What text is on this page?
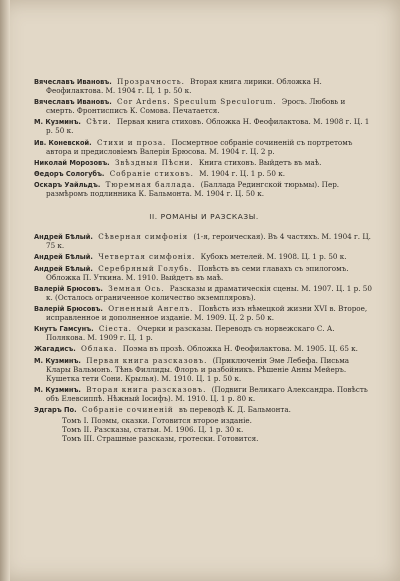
Вячеславъ Ивановъ. Прозрачность. Вторая книга лирики. Обложка Н. Феофилактова. М. 1904 г. Ц. 1 р. 50 к.
Вячеславъ Ивановъ. Cor Ardens. Speculum Speculorum. Эросъ. Любовь и смерть. Фронтисписъ К. Сомова. Печатается.
М. Кузминъ. Сѣти. Первая книга стиховъ. Обложка Н. Феофилактова. М. 1908 г. Ц. 1 р. 50 к.
Ив. Коневской. Стихи и проза. Посмертное собраніе сочиненій съ портретомъ автора и предисловіемъ Валерія Брюсова. М. 1904 г. Ц. 2 р.
Николай Морозовъ. Звѣздныя Пѣсни. Книга стиховъ. Выйдетъ въ маѣ.
Ѳедоръ Сологубъ. Собраніе стиховъ. М. 1904 г. Ц. 1 р. 50 к.
Оскаръ Уайльдъ. Тюремная баллада. (Баллада Редингской тюрьмы). Пер. размѣромъ подлинника К. Бальмонта. М. 1904 г. Ц. 50 к.
II. РОМАНЫ И РАЗСКАЗЫ.
Андрей Бѣлый. Сѣверная симфонія (1-я, героическая). Въ 4 частяхъ. М. 1904 г. Ц. 75 к.
Андрей Бѣлый. Четвертая симфонія. Кубокъ метелей. М. 1908. Ц. 1 р. 50 к.
Андрей Бѣлый. Серебряный Голубь. Повѣсть въ семи главахъ съ эпилогомъ. Обложка П. Уткина. М. 1910. Выйдетъ въ маѣ.
Валерій Брюсовъ. Земная Ось. Разсказы и драматическія сцены. М. 1907. Ц. 1 р. 50 к. (Осталось ограниченное количество экземпляровъ).
Валерій Брюсовъ. Огненный Ангелъ. Повѣсть изъ нѣмецкой жизни XVI в. Второе, исправленное и дополненное изданіе. М. 1909. Ц. 2 р. 50 к.
Кнутъ Гамсунъ. Сіеста. Очерки и разсказы. Переводъ съ норвежскаго С. А. Полякова. М. 1909 г. Ц. 1 р.
Жагадисъ. Облака. Поэма въ прозѣ. Обложка Н. Феофилактова. М. 1905. Ц. 65 к.
М. Кузминъ. Первая книга разсказовъ. (Приключенія Эме Лебефа. Письма Клары Вальмонъ. Тѣнь Филлиды. Флоръ и разбойникъ. Рѣшеніе Анны Мейеръ. Кушетка тети Сони. Крылья). М. 1910. Ц. 1 р. 50 к.
М. Кузминъ. Вторая книга разсказовъ. (Подвиги Великаго Александра. Повѣсть объ Елевсиппѣ. Нѣжный Іосифъ). М. 1910. Ц. 1 р. 80 к.
Эдгаръ По. Собраніе сочиненій въ переводѣ К. Д. Бальмонта.
Томъ I. Поэмы, сказки. Готовится второе изданіе.
Томъ II. Разсказы, статьи. М. 1906. Ц. 1 р. 30 к.
Томъ III. Страшные разсказы, гротески. Готовится.
